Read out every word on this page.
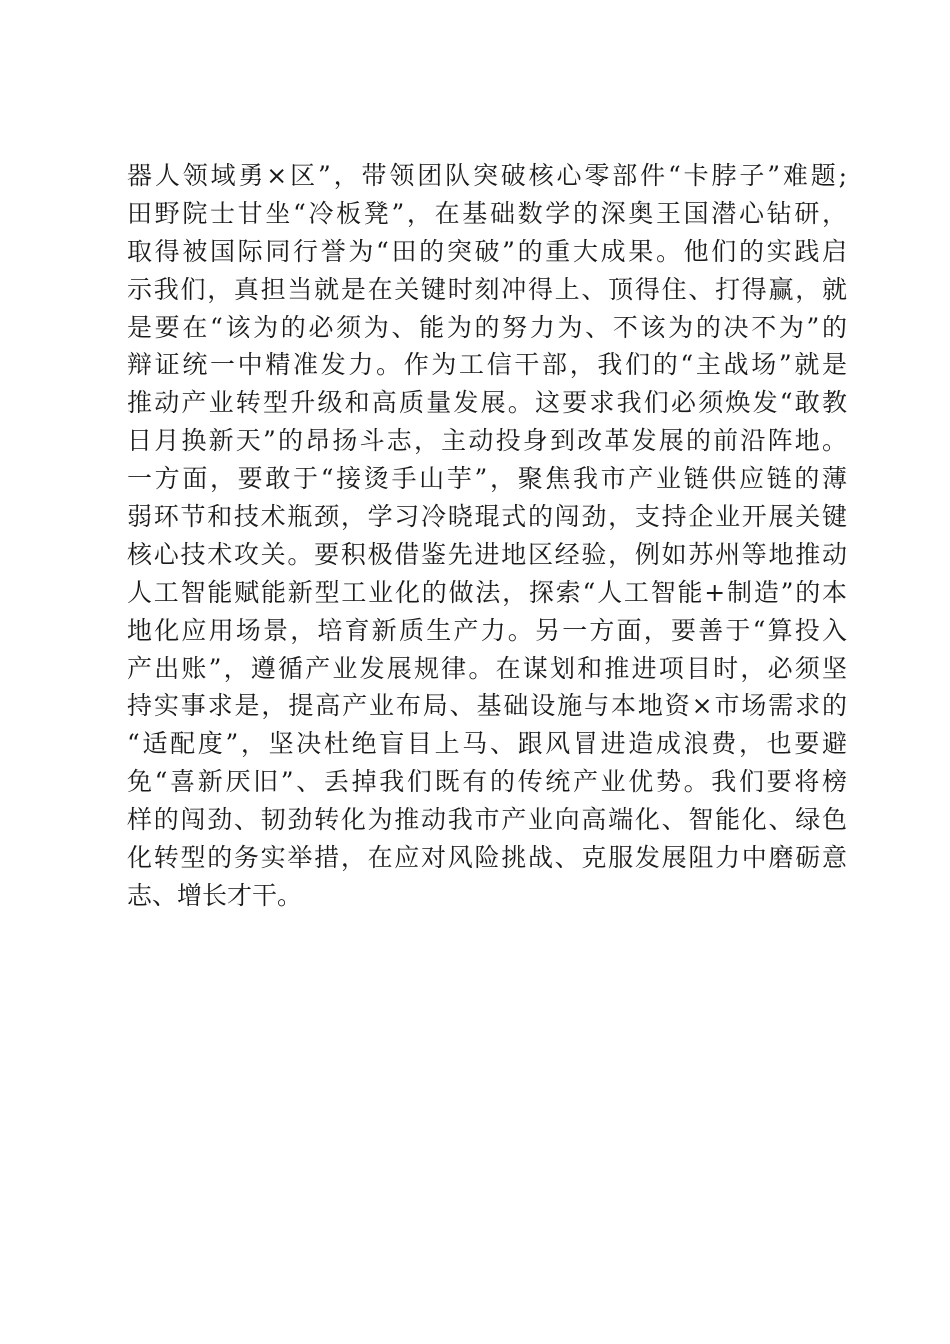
器人领域勇×区”，带领团队突破核心零部件“卡脖子”难题;
田野院士甘坐“冷板凳”，在基础数学的深奥王国潜心钻研，
取得被国际同行誉为“田的突破”的重大成果。他们的实践启
示我们，真担当就是在关键时刻冲得上、顶得住、打得赢，就
是要在“该为的必须为、能为的努力为、不该为的决不为”的
辩证统一中精准发力。作为工信干部，我们的“主战场”就是
推动产业转型升级和高质量发展。这要求我们必须焕发“敢教
日月换新天”的昂扬斗志，主动投身到改革发展的前沿阵地。
一方面，要敢于“接烫手山芋”，聚焦我市产业链供应链的薄
弱环节和技术瓶颈，学习冷晓琨式的闯劲，支持企业开展关键
核心技术攻关。要积极借鉴先进地区经验，例如苏州等地推动
人工智能赋能新型工业化的做法，探索“人工智能+制造”的本
地化应用场景，培育新质生产力。另一方面，要善于“算投入
产出账”，遵循产业发展规律。在谋划和推进项目时，必须坚
持实事求是，提高产业布局、基础设施与本地资×市场需求的
“适配度”，坚决杜绝盲目上马、跟风冒进造成浪费，也要避
免“喜新厌旧”、丢掉我们既有的传统产业优势。我们要将榜
样的闯劲、韧劲转化为推动我市产业向高端化、智能化、绿色
化转型的务实举措，在应对风险挑战、克服发展阻力中磨砺意
志、增长才干。
